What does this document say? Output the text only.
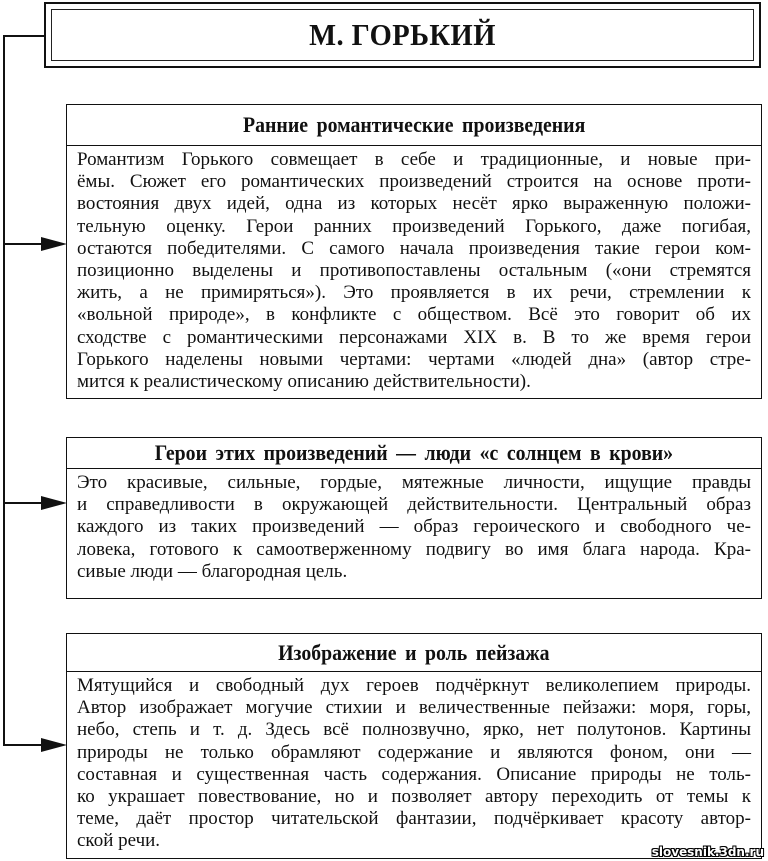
М. ГОРЬКИЙ
Ранние романтические произведения
Романтизм Горького совмещает в себе и традиционные, и новые при-
ёмы. Сюжет его романтических произведений строится на основе проти-
востояния двух идей, одна из которых несёт ярко выраженную положи-
тельную оценку. Герои ранних произведений Горького, даже погибая,
остаются победителями. С самого начала произведения такие герои ком-
позиционно выделены и противопоставлены остальным («они стремятся
жить, а не примиряться»). Это проявляется в их речи, стремлении к
«вольной природе», в конфликте с обществом. Всё это говорит об их
сходстве с романтическими персонажами XIX в. В то же время герои
Горького наделены новыми чертами: чертами «людей дна» (автор стре-
мится к реалистическому описанию действительности).
Герои этих произведений — люди «с солнцем в крови»
Это красивые, сильные, гордые, мятежные личности, ищущие правды
и справедливости в окружающей действительности. Центральный образ
каждого из таких произведений — образ героического и свободного че-
ловека, готового к самоотверженному подвигу во имя блага народа. Кра-
сивые люди — благородная цель.
Изображение и роль пейзажа
Мятущийся и свободный дух героев подчёркнут великолепием природы.
Автор изображает могучие стихии и величественные пейзажи: моря, горы,
небо, степь и т. д. Здесь всё полнозвучно, ярко, нет полутонов. Картины
природы не только обрамляют содержание и являются фоном, они —
составная и существенная часть содержания. Описание природы не толь-
ко украшает повествование, но и позволяет автору переходить от темы к
теме, даёт простор читательской фантазии, подчёркивает красоту автор-
ской речи.
slovesnik.3dn.ru
